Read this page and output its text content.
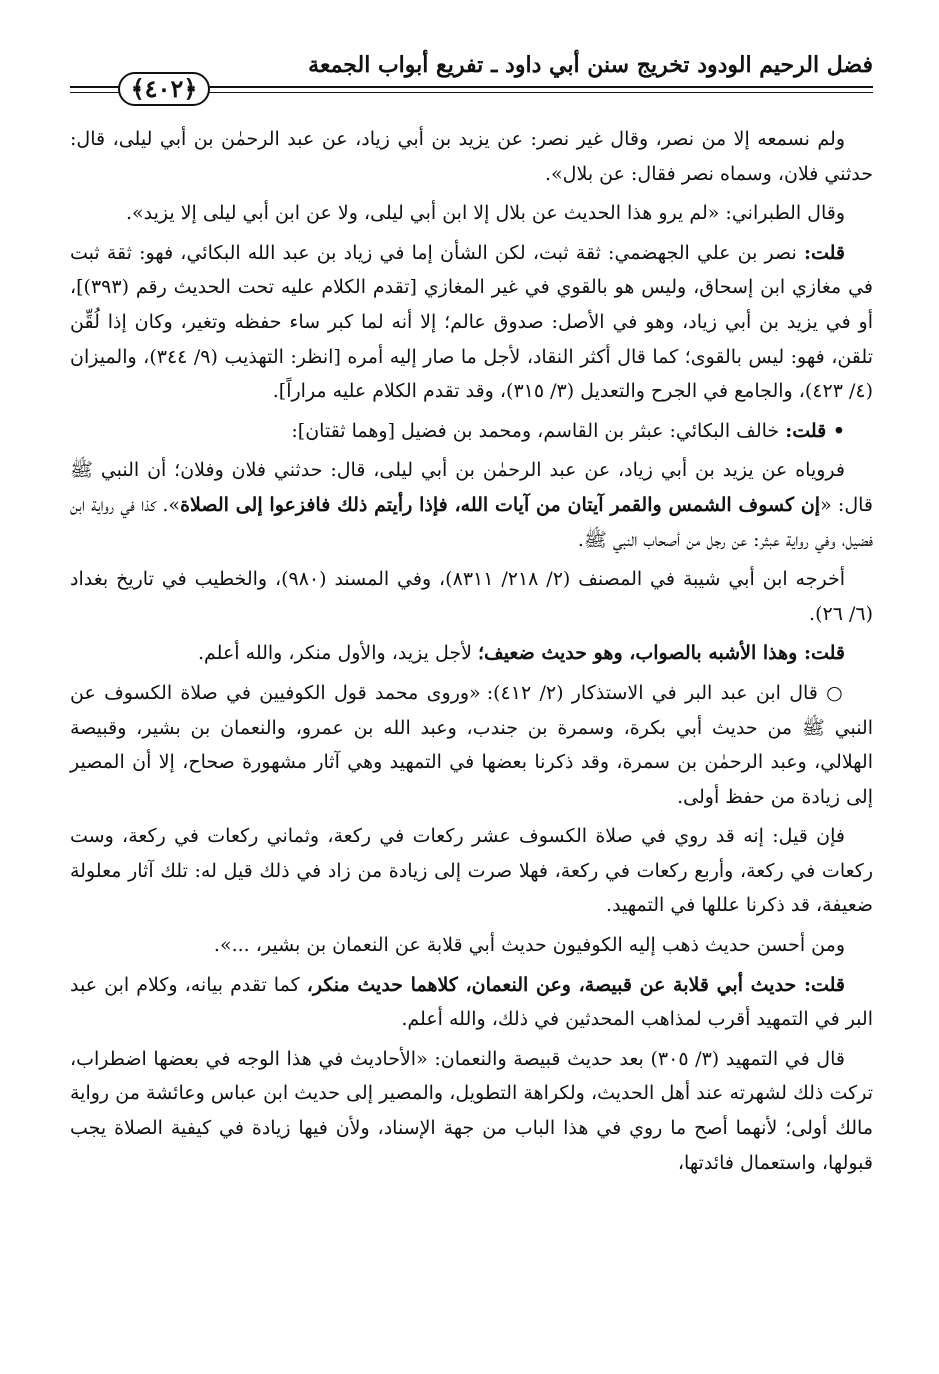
فضل الرحيم الودود تخريج سنن أبي داود ـ تفريع أبواب الجمعة
﴿٤٠٢﴾

ولم نسمعه إلا من نصر، وقال غير نصر: عن يزيد بن أبي زياد، عن عبد الرحمٰن بن أبي ليلى، قال: حدثني فلان، وسماه نصر فقال: عن بلال».

وقال الطبراني: «لم يرو هذا الحديث عن بلال إلا ابن أبي ليلى، ولا عن ابن أبي ليلى إلا يزيد».

قلت: نصر بن علي الجهضمي: ثقة ثبت، لكن الشأن إما في زياد بن عبد الله البكائي، فهو: ثقة ثبت في مغازي ابن إسحاق، وليس هو بالقوي في غير المغازي [تقدم الكلام عليه تحت الحديث رقم (٣٩٣)]، أو في يزيد بن أبي زياد، وهو في الأصل: صدوق عالم؛ إلا أنه لما كبر ساء حفظه وتغير، وكان إذا لُقِّن تلقن، فهو: ليس بالقوى؛ كما قال أكثر النقاد، لأجل ما صار إليه أمره [انظر: التهذيب (٩/ ٣٤٤)، والميزان (٤/ ٤٢٣)، والجامع في الجرح والتعديل (٣/ ٣١٥)، وقد تقدم الكلام عليه مراراً].

• قلت: خالف البكائي: عبثر بن القاسم، ومحمد بن فضيل [وهما ثقتان]:

فروياه عن يزيد بن أبي زياد، عن عبد الرحمٰن بن أبي ليلى، قال: حدثني فلان وفلان؛ أن النبي ﷺ قال: «إن كسوف الشمس والقمر آيتان من آيات الله، فإذا رأيتم ذلك فافزعوا إلى الصلاة». كذا في رواية ابن فضيل، وفي رواية عبثر: عن رجل من أصحاب النبي ﷺ.

أخرجه ابن أبي شيبة في المصنف (٢/ ٢١٨/ ٨٣١١)، وفي المسند (٩٨٠)، والخطيب في تاريخ بغداد (٦/ ٢٦).

قلت: وهذا الأشبه بالصواب، وهو حديث ضعيف؛ لأجل يزيد، والأول منكر، والله أعلم.

○ قال ابن عبد البر في الاستذكار (٢/ ٤١٢): «وروى محمد قول الكوفيين في صلاة الكسوف عن النبي ﷺ من حديث أبي بكرة، وسمرة بن جندب، وعبد الله بن عمرو، والنعمان بن بشير، وقبيصة الهلالي، وعبد الرحمٰن بن سمرة، وقد ذكرنا بعضها في التمهيد وهي آثار مشهورة صحاح، إلا أن المصير إلى زيادة من حفظ أولى.

فإن قيل: إنه قد روي في صلاة الكسوف عشر ركعات في ركعة، وثماني ركعات في ركعة، وست ركعات في ركعة، وأربع ركعات في ركعة، فهلا صرت إلى زيادة من زاد في ذلك قيل له: تلك آثار معلولة ضعيفة، قد ذكرنا عللها في التمهيد.

ومن أحسن حديث ذهب إليه الكوفيون حديث أبي قلابة عن النعمان بن بشير، ...».

قلت: حديث أبي قلابة عن قبيصة، وعن النعمان، كلاهما حديث منكر، كما تقدم بيانه، وكلام ابن عبد البر في التمهيد أقرب لمذاهب المحدثين في ذلك، والله أعلم.

قال في التمهيد (٣/ ٣٠٥) بعد حديث قبيصة والنعمان: «الأحاديث في هذا الوجه في بعضها اضطراب، تركت ذلك لشهرته عند أهل الحديث، ولكراهة التطويل، والمصير إلى حديث ابن عباس وعائشة من رواية مالك أولى؛ لأنهما أصح ما روي في هذا الباب من جهة الإسناد، ولأن فيها زيادة في كيفية الصلاة يجب قبولها، واستعمال فائدتها،
